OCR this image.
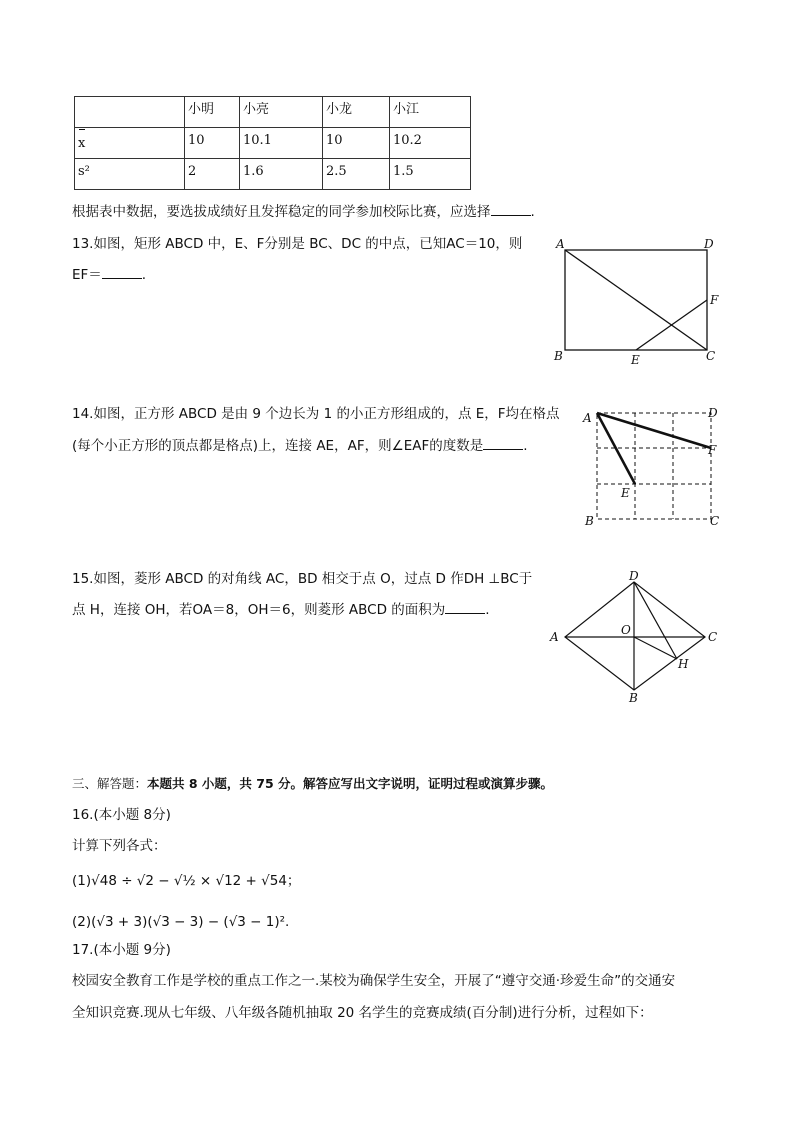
	小明	小亮	小龙	小江
x	10	10.1	10	10.2
s²	2	1.6	2.5	1.5
根据表中数据，要选拔成绩好且发挥稳定的同学参加校际比赛，应选择	.
13.如图，矩形 ABCD 中，E、F分别是 BC、DC 的中点，已知AC＝10，则
EF＝	.
A	D
B	C
E
F
14.如图，正方形 ABCD 是由 9 个边长为 1 的小正方形组成的，点 E，F均在格点
(每个小正方形的顶点都是格点)上，连接 AE，AF，则∠EAF的度数是	.
A	D
F
E
B	C
15.如图，菱形 ABCD 的对角线 AC，BD 相交于点 O，过点 D 作DH ⊥BC于
点 H，连接 OH，若OA＝8，OH＝6，则菱形 ABCD 的面积为	.
A
D
C
B
O
H
三、解答题：本题共 8 小题，共 75 分。解答应写出文字说明，证明过程或演算步骤。
16.(本小题 8分)
计算下列各式：
(1)√48 ÷ √2 − √½ × √12 + √54；
(2)(√3 + 3)(√3 − 3) − (√3 − 1)².
17.(本小题 9分)
校园安全教育工作是学校的重点工作之一.某校为确保学生安全，开展了“遵守交通·珍爱生命”的交通安
全知识竞赛.现从七年级、八年级各随机抽取 20 名学生的竞赛成绩(百分制)进行分析，过程如下：
